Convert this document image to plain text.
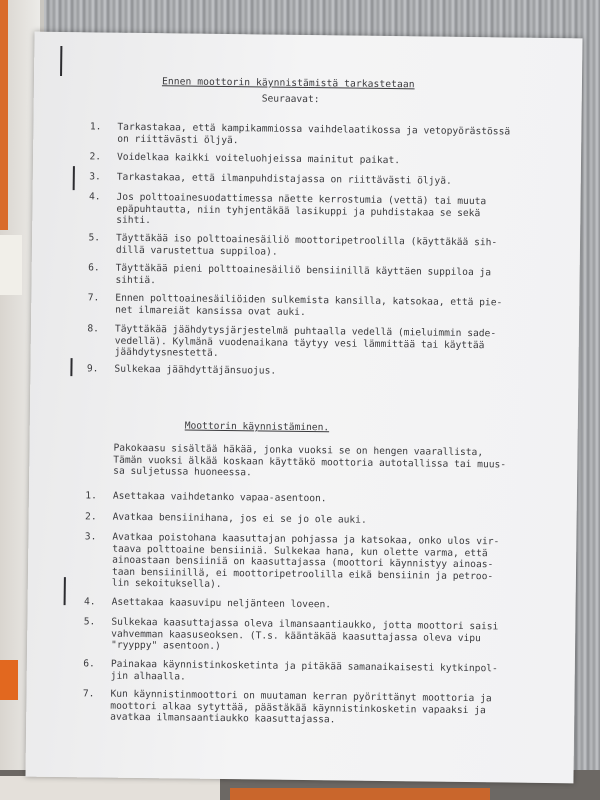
Ennen moottorin käynnistämistä tarkastetaan
Seuraavat:
1. Tarkastakaa, että kampikammiossa vaihdelaatikossa ja vetopyörästössä
on riittävästi öljyä.
2. Voidelkaa kaikki voiteluohjeissa mainitut paikat.
3. Tarkastakaa, että ilmanpuhdistajassa on riittävästi öljyä.
4. Jos polttoainesuodattimessa näette kerrostumia (vettä) tai muuta
epäpuhtautta, niin tyhjentäkää lasikuppi ja puhdistakaa se sekä
sihti.
5. Täyttäkää iso polttoainesäiliö moottoripetroolilla (käyttäkää sih-
dillä varustettua suppiloa).
6. Täyttäkää pieni polttoainesäiliö bensiinillä käyttäen suppiloa ja
sihtiä.
7. Ennen polttoainesäiliöiden sulkemista kansilla, katsokaa, että pie-
net ilmareiät kansissa ovat auki.
8. Täyttäkää jäähdytysjärjestelmä puhtaalla vedellä (mieluimmin sade-
vedellä). Kylmänä vuodenaikana täytyy vesi lämmittää tai käyttää
jäähdytysnestettä.
9. Sulkekaa jäähdyttäjänsuojus.
Moottorin käynnistäminen.
Pakokaasu sisältää häkää, jonka vuoksi se on hengen vaarallista,
Tämän vuoksi älkää koskaan käyttäkö moottoria autotallissa tai muus-
sa suljetussa huoneessa.
1. Asettakaa vaihdetanko vapaa-asentoon.
2. Avatkaa bensiinihana, jos ei se jo ole auki.
3. Avatkaa poistohana kaasuttajan pohjassa ja katsokaa, onko ulos vir-
taava polttoaine bensiiniä. Sulkekaa hana, kun olette varma, että
ainoastaan bensiiniä on kaasuttajassa (moottori käynnistyy ainoas-
taan bensiinillä, ei moottoripetroolilla eikä bensiinin ja petroo-
lin sekoituksella).
4. Asettakaa kaasuvipu neljänteen loveen.
5. Sulkekaa kaasuttajassa oleva ilmansaantiaukko, jotta moottori saisi
vahvemman kaasuseoksen. (T.s. kääntäkää kaasuttajassa oleva vipu
"ryyppy" asentoon.)
6. Painakaa käynnistinkosketinta ja pitäkää samanaikaisesti kytkinpol-
jin alhaalla.
7. Kun käynnistinmoottori on muutaman kerran pyörittänyt moottoria ja
moottori alkaa sytyttää, päästäkää käynnistinkosketin vapaaksi ja
avatkaa ilmansaantiaukko kaasuttajassa.
